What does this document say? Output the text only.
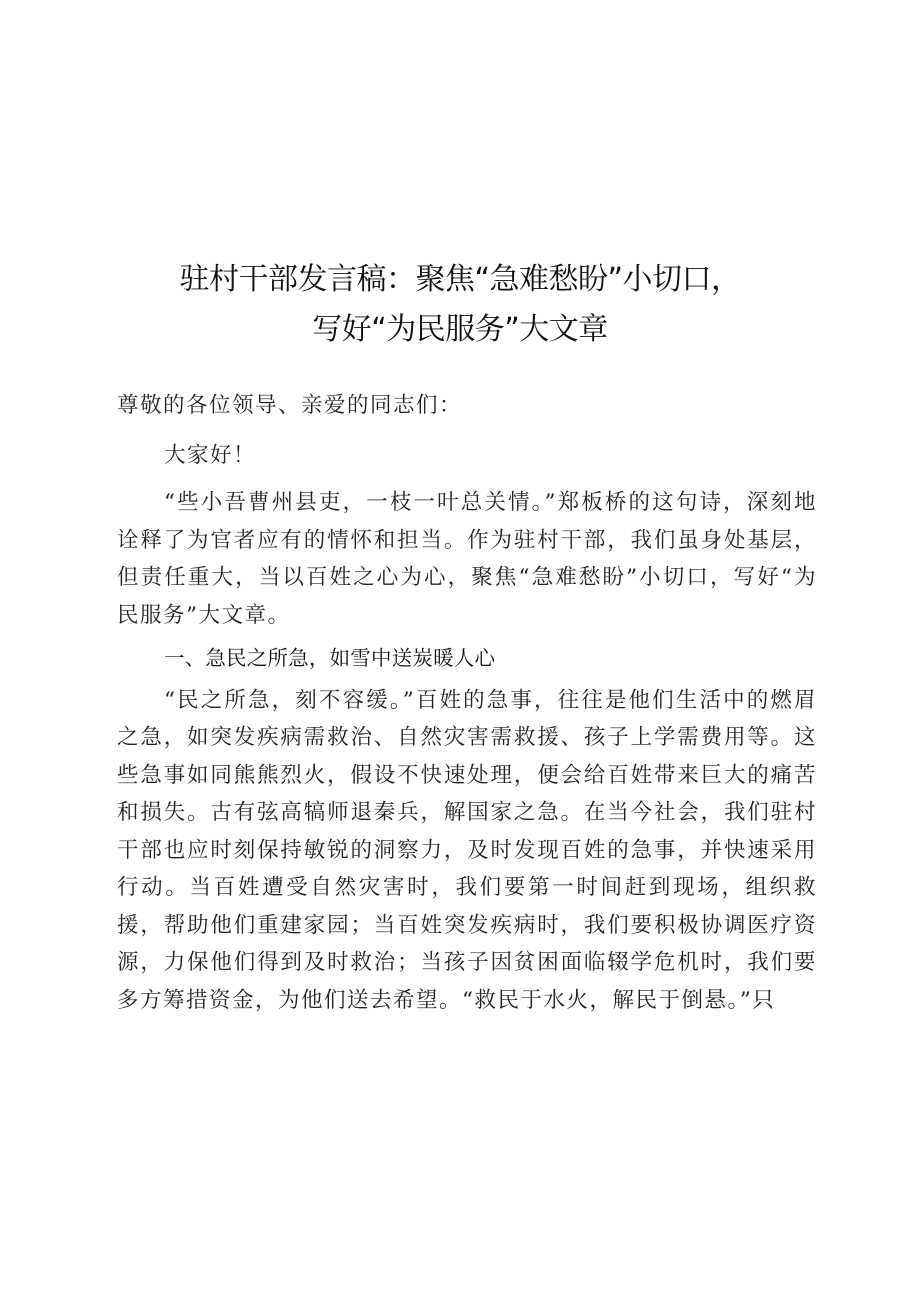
驻村干部发言稿：聚焦“急难愁盼”小切口，
写好“为民服务”大文章

尊敬的各位领导、亲爱的同志们：

大家好！

“些小吾曹州县吏，一枝一叶总关情。”郑板桥的这句诗，深刻地诠释了为官者应有的情怀和担当。作为驻村干部，我们虽身处基层，但责任重大，当以百姓之心为心，聚焦“急难愁盼”小切口，写好“为民服务”大文章。

一、急民之所急，如雪中送炭暖人心

“民之所急，刻不容缓。”百姓的急事，往往是他们生活中的燃眉之急，如突发疾病需救治、自然灾害需救援、孩子上学需费用等。这些急事如同熊熊烈火，假设不快速处理，便会给百姓带来巨大的痛苦和损失。古有弦高犒师退秦兵，解国家之急。在当今社会，我们驻村干部也应时刻保持敏锐的洞察力，及时发现百姓的急事，并快速采用行动。当百姓遭受自然灾害时，我们要第一时间赶到现场，组织救援，帮助他们重建家园；当百姓突发疾病时，我们要积极协调医疗资源，力保他们得到及时救治；当孩子因贫困面临辍学危机时，我们要多方筹措资金，为他们送去希望。“救民于水火，解民于倒悬。”只
